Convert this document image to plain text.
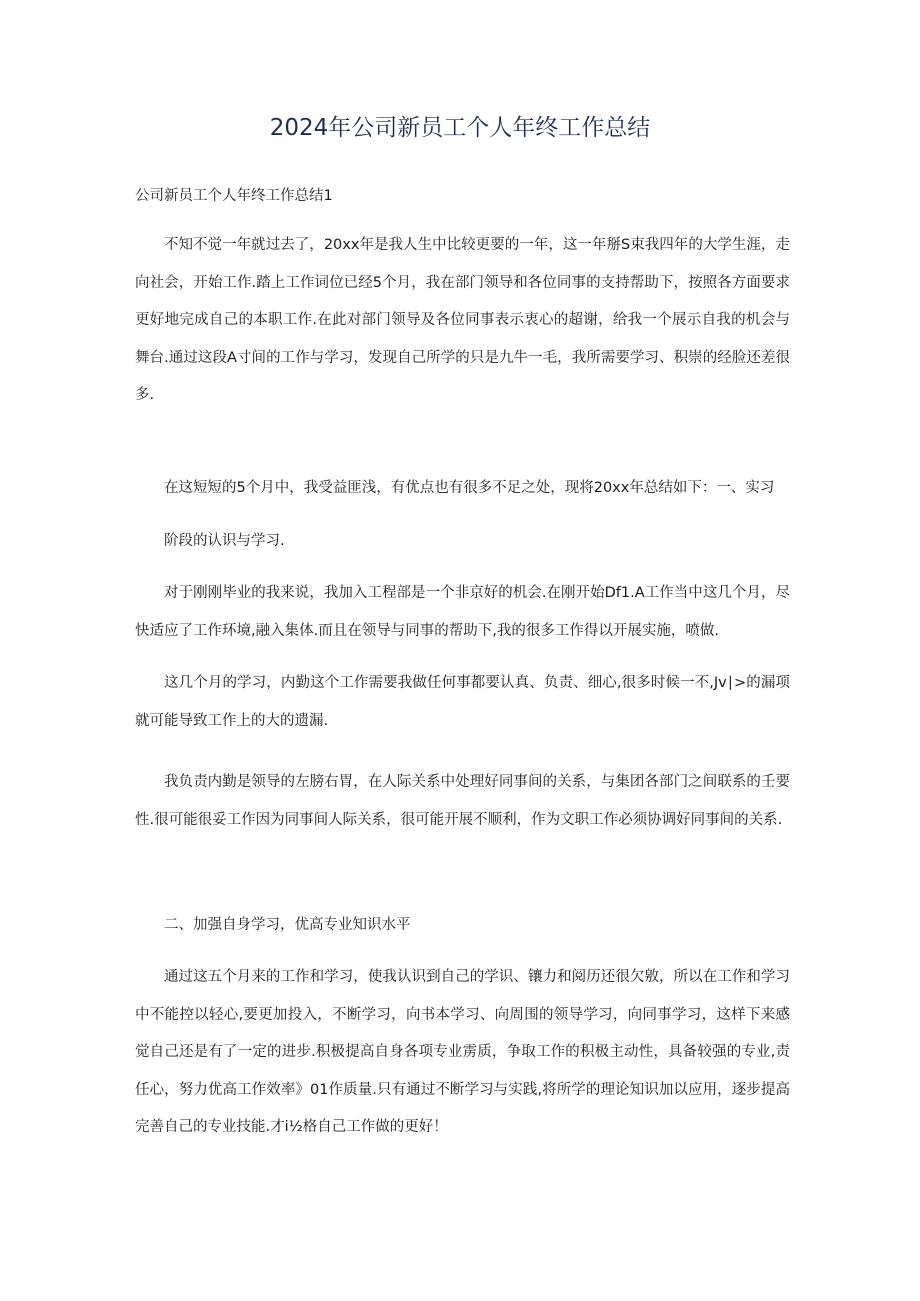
2024年公司新员工个人年终工作总结
公司新员工个人年终工作总结1

不知不觉一年就过去了，20xx年是我人生中比较更要的一年，这一年掰S束我四年的大学生涯，走向社会，开始工作.踏上工作词位已经5个月，我在部门领导和各位同事的支持帮助下，按照各方面要求更好地完成自己的本职工作.在此对部门领导及各位同事表示衷心的超谢，给我一个展示自我的机会与舞台.通过这段A寸间的工作与学习，发现自己所学的只是九牛一毛，我所需要学习、积崇的经脸还差很多.

在这短短的5个月中，我受益匪浅，有优点也有很多不足之处，现将20xx年总结如下：一、实习

阶段的认识与学习.

对于刚刚毕业的我来说，我加入工程部是一个非京好的机会.在刚开始Df1.A工作当中这几个月，尽快适应了工作环境,融入集体.而且在领导与同事的帮助下,我的很多工作得以开展实施，喷做.

这几个月的学习，内勤这个工作需要我做任何事都要认真、负责、细心,很多时候一不,Jv∣>的漏项就可能导致工作上的大的遗漏.

我负责内勤是领导的左膀右胃，在人际关系中处理好同事间的关系，与集团各部门之间联系的壬要性.很可能很妥工作因为同事间人际关系，很可能开展不顺利，作为文职工作必须协调好同事间的关系.

二、加强自身学习，优高专业知识水平

通过这五个月来的工作和学习，使我认识到自己的学识、镶力和阅历还很欠敫，所以在工作和学习中不能控以轻心,要更加投入，不断学习，向书本学习、向周围的领导学习，向同事学习，这样下来感觉自己还是有了一定的进步.积极提高自身各项专业雳质，争取工作的积极主动性，具备较强的专业,责任心，努力优高工作效率》01作质量.只有通过不断学习与实践,将所学的理论知识加以应用，逐步提高完善自己的专业技能.才i½格自己工作做的更好！
